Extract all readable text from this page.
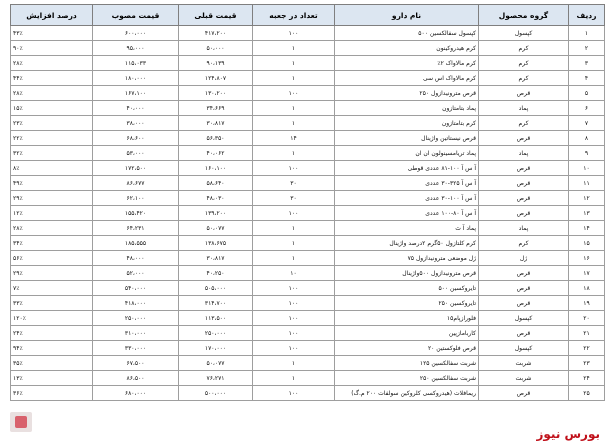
ردیف	گروه محصول	نام دارو	تعداد در جعبه	قیمت قبلی	قیمت مصوب	درصد افزایش
۱	کپسول	کپسول سفالکسین ۵۰۰	۱۰۰	۴۱۷،۲۰۰	۶۰۰،۰۰۰	۴۳٪
۲	کرم	کرم هیدروکینون	۱	۵۰،۰۰۰	۹۵،۰۰۰	۹۰٪
۳	کرم	کرم مالاواک ۲٪	۱	۹۰،۱۳۹	۱۱۵،۰۳۳	۲۸٪
۴	کرم	کرم مالاواک اس سی	۱	۱۲۴،۸۰۷	۱۸۰،۰۰۰	۴۴٪
۵	قرص	قرص مترونیدازول ۲۵۰	۱۰۰	۱۳۰،۲۰۰	۱۶۷،۱۰۰	۲۸٪
۶	پماد	پماد بتامتازون	۱	۳۴،۶۶۹	۴۰،۰۰۰	۱۵٪
۷	کرم	کرم بتامتازون	۱	۳۰،۸۱۷	۳۸،۰۰۰	۲۳٪
۸	قرص	قرص نیستاتین واژینال	۱۴	۵۶،۳۵۰	۶۸،۶۰۰	۲۲٪
۹	پماد	پماد تریامسینولون ان ان	۱	۴۰،۰۶۲	۵۳،۰۰۰	۳۲٪
۱۰	قرص	آ س آ ۱۰۰-۸۱ عددی قوطی	۱۰۰	۱۶۰،۱۰۰	۱۷۲،۵۰۰	۸٪
۱۱	قرص	آ س آ ۳۲۵-۳۰ عددی	۳۰	۵۸،۶۴۰	۸۶،۶۷۷	۴۹٪
۱۲	قرص	آ س آ ۱۰۰-۳۰ عددی	۳۰	۴۸،۰۳۰	۶۲،۱۰۰	۲۹٪
۱۳	قرص	آ س آ ۸۰-۱۰۰ عددی	۱۰۰	۱۳۹،۲۰۰	۱۵۵،۴۲۰	۱۲٪
۱۴	پماد	پماد آ ث	۱	۵۰،۰۷۷	۶۴،۲۳۱	۲۸٪
۱۵	کرم	کرم کلتازول ۵۰گرم ۲درصد واژینال	۱	۱۳۸،۶۷۵	۱۸۵،۵۵۵	۳۴٪
۱۶	ژل	ژل موضعی مترونیدازول ۷۵	۱	۳۰،۸۱۷	۴۸،۰۰۰	۵۶٪
۱۷	قرص	قرص مترونیدازول ۵۰۰واژینال	۱۰	۴۰،۲۵۰	۵۲،۰۰۰	۲۹٪
۱۸	قرص	تایروکسین ۵۰۰	۱۰۰	۵۰۵،۰۰۰	۵۴۰،۰۰۰	۷٪
۱۹	قرص	تایروکسین ۲۵۰	۱۰۰	۳۱۴،۷۰۰	۴۱۸،۰۰۰	۳۳٪
۲۰	کپسول	فلورازپام۱۵	۱۰۰	۱۱۳،۵۰۰	۲۵۰،۰۰۰	۱۲۰٪
۲۱	قرص	کاربامازپین	۱۰۰	۲۵۰،۰۰۰	۳۱۰،۰۰۰	۲۴٪
۲۲	کپسول	قرص فلوکستین ۲۰	۱۰۰	۱۷۰،۰۰۰	۳۳۰،۰۰۰	۹۴٪
۲۳	شربت	شربت سفالکسین ۱۲۵	۱	۵۰،۰۷۷	۶۷،۵۰۰	۳۵٪
۲۴	شربت	شربت سفالکسین ۲۵۰	۱	۷۶،۲۷۱	۸۶،۵۰۰	۱۳٪
۲۵	قرص	ریمافلات (هیدروکسی کلروکین سولفات ۲۰۰ م.گ)	۱۰۰	۵۰۰،۰۰۰	۶۸۰،۰۰۰	۳۶٪
بورس نیوز
